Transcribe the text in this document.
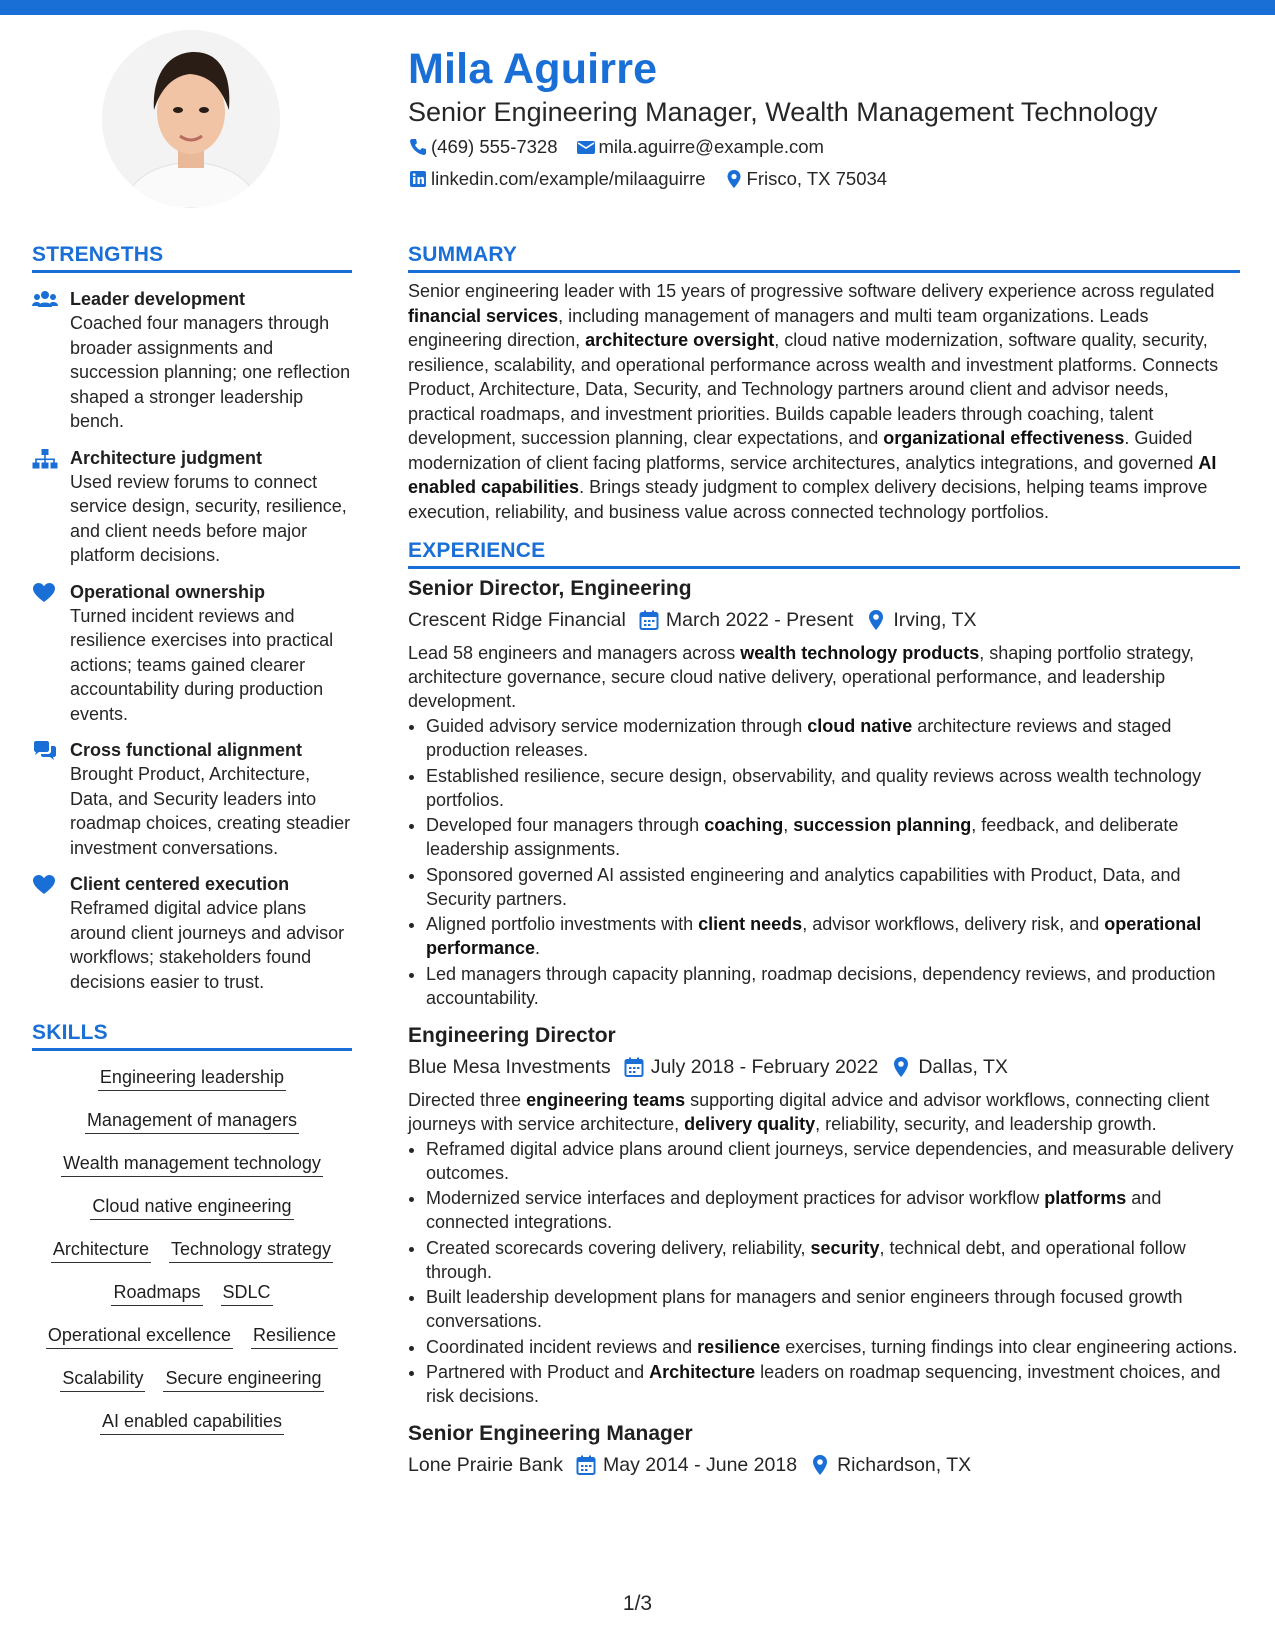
Mila Aguirre
Senior Engineering Manager, Wealth Management Technology
(469) 555-7328 mila.aguirre@example.com
linkedin.com/example/milaaguirre Frisco, TX 75034
STRENGTHS
Leader development
Coached four managers through broader assignments and succession planning; one reflection shaped a stronger leadership bench.
Architecture judgment
Used review forums to connect service design, security, resilience, and client needs before major platform decisions.
Operational ownership
Turned incident reviews and resilience exercises into practical actions; teams gained clearer accountability during production events.
Cross functional alignment
Brought Product, Architecture, Data, and Security leaders into roadmap choices, creating steadier investment conversations.
Client centered execution
Reframed digital advice plans around client journeys and advisor workflows; stakeholders found decisions easier to trust.
SKILLS
Engineering leadership
Management of managers
Wealth management technology
Cloud native engineering
Architecture Technology strategy
Roadmaps SDLC
Operational excellence Resilience
Scalability Secure engineering
AI enabled capabilities
SUMMARY
Senior engineering leader with 15 years of progressive software delivery experience across regulated financial services, including management of managers and multi team organizations. Leads engineering direction, architecture oversight, cloud native modernization, software quality, security, resilience, scalability, and operational performance across wealth and investment platforms. Connects Product, Architecture, Data, Security, and Technology partners around client and advisor needs, practical roadmaps, and investment priorities. Builds capable leaders through coaching, talent development, succession planning, clear expectations, and organizational effectiveness. Guided modernization of client facing platforms, service architectures, analytics integrations, and governed AI enabled capabilities. Brings steady judgment to complex delivery decisions, helping teams improve execution, reliability, and business value across connected technology portfolios.
EXPERIENCE
Senior Director, Engineering
Crescent Ridge Financial March 2022 - Present Irving, TX
Lead 58 engineers and managers across wealth technology products, shaping portfolio strategy, architecture governance, secure cloud native delivery, operational performance, and leadership development.
• Guided advisory service modernization through cloud native architecture reviews and staged production releases.
• Established resilience, secure design, observability, and quality reviews across wealth technology portfolios.
• Developed four managers through coaching, succession planning, feedback, and deliberate leadership assignments.
• Sponsored governed AI assisted engineering and analytics capabilities with Product, Data, and Security partners.
• Aligned portfolio investments with client needs, advisor workflows, delivery risk, and operational performance.
• Led managers through capacity planning, roadmap decisions, dependency reviews, and production accountability.
Engineering Director
Blue Mesa Investments July 2018 - February 2022 Dallas, TX
Directed three engineering teams supporting digital advice and advisor workflows, connecting client journeys with service architecture, delivery quality, reliability, security, and leadership growth.
• Reframed digital advice plans around client journeys, service dependencies, and measurable delivery outcomes.
• Modernized service interfaces and deployment practices for advisor workflow platforms and connected integrations.
• Created scorecards covering delivery, reliability, security, technical debt, and operational follow through.
• Built leadership development plans for managers and senior engineers through focused growth conversations.
• Coordinated incident reviews and resilience exercises, turning findings into clear engineering actions.
• Partnered with Product and Architecture leaders on roadmap sequencing, investment choices, and risk decisions.
Senior Engineering Manager
Lone Prairie Bank May 2014 - June 2018 Richardson, TX
1/3
